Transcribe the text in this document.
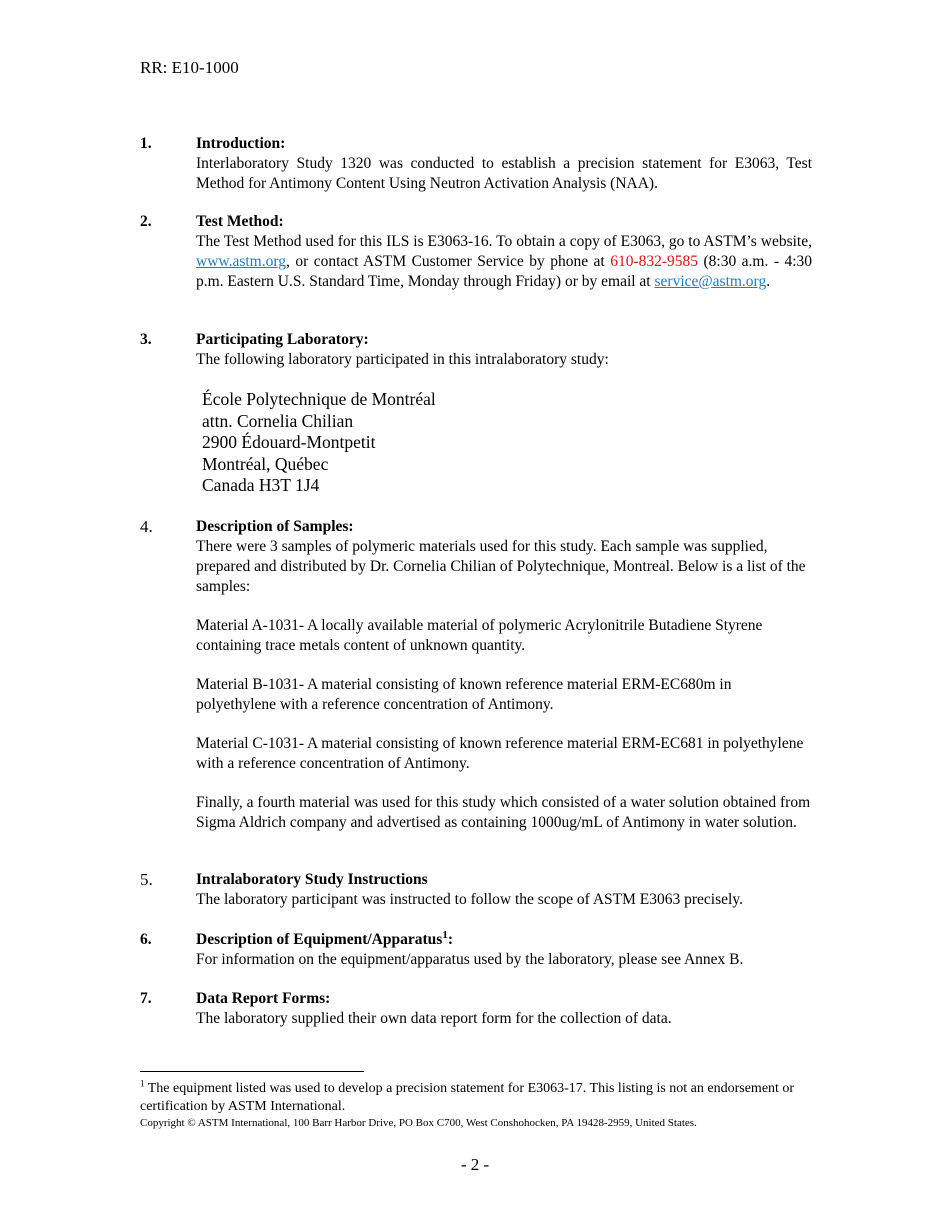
RR: E10-1000
1.	Introduction:
Interlaboratory Study 1320 was conducted to establish a precision statement for E3063, Test Method for Antimony Content Using Neutron Activation Analysis (NAA).
2.	Test Method:
The Test Method used for this ILS is E3063-16. To obtain a copy of E3063, go to ASTM’s website, www.astm.org, or contact ASTM Customer Service by phone at 610-832-9585 (8:30 a.m. - 4:30 p.m. Eastern U.S. Standard Time, Monday through Friday) or by email at service@astm.org.
3.	Participating Laboratory:
The following laboratory participated in this intralaboratory study:
École Polytechnique de Montréal
attn. Cornelia Chilian
2900 Édouard-Montpetit
Montréal, Québec
Canada H3T 1J4
4.	Description of Samples:
There were 3 samples of polymeric materials used for this study. Each sample was supplied, prepared and distributed by Dr. Cornelia Chilian of Polytechnique, Montreal. Below is a list of the samples:
Material A-1031- A locally available material of polymeric Acrylonitrile Butadiene Styrene containing trace metals content of unknown quantity.
Material B-1031- A material consisting of known reference material ERM-EC680m in polyethylene with a reference concentration of Antimony.
Material C-1031- A material consisting of known reference material ERM-EC681 in polyethylene with a reference concentration of Antimony.
Finally, a fourth material was used for this study which consisted of a water solution obtained from Sigma Aldrich company and advertised as containing 1000ug/mL of Antimony in water solution.
5.	Intralaboratory Study Instructions
The laboratory participant was instructed to follow the scope of ASTM E3063 precisely.
6.	Description of Equipment/Apparatus$^1$:
For information on the equipment/apparatus used by the laboratory, please see Annex B.
7.	Data Report Forms:
The laboratory supplied their own data report form for the collection of data.
$^1$ The equipment listed was used to develop a precision statement for E3063-17. This listing is not an endorsement or certification by ASTM International.
Copyright © ASTM International, 100 Barr Harbor Drive, PO Box C700, West Conshohocken, PA 19428-2959, United States.
- 2 -
